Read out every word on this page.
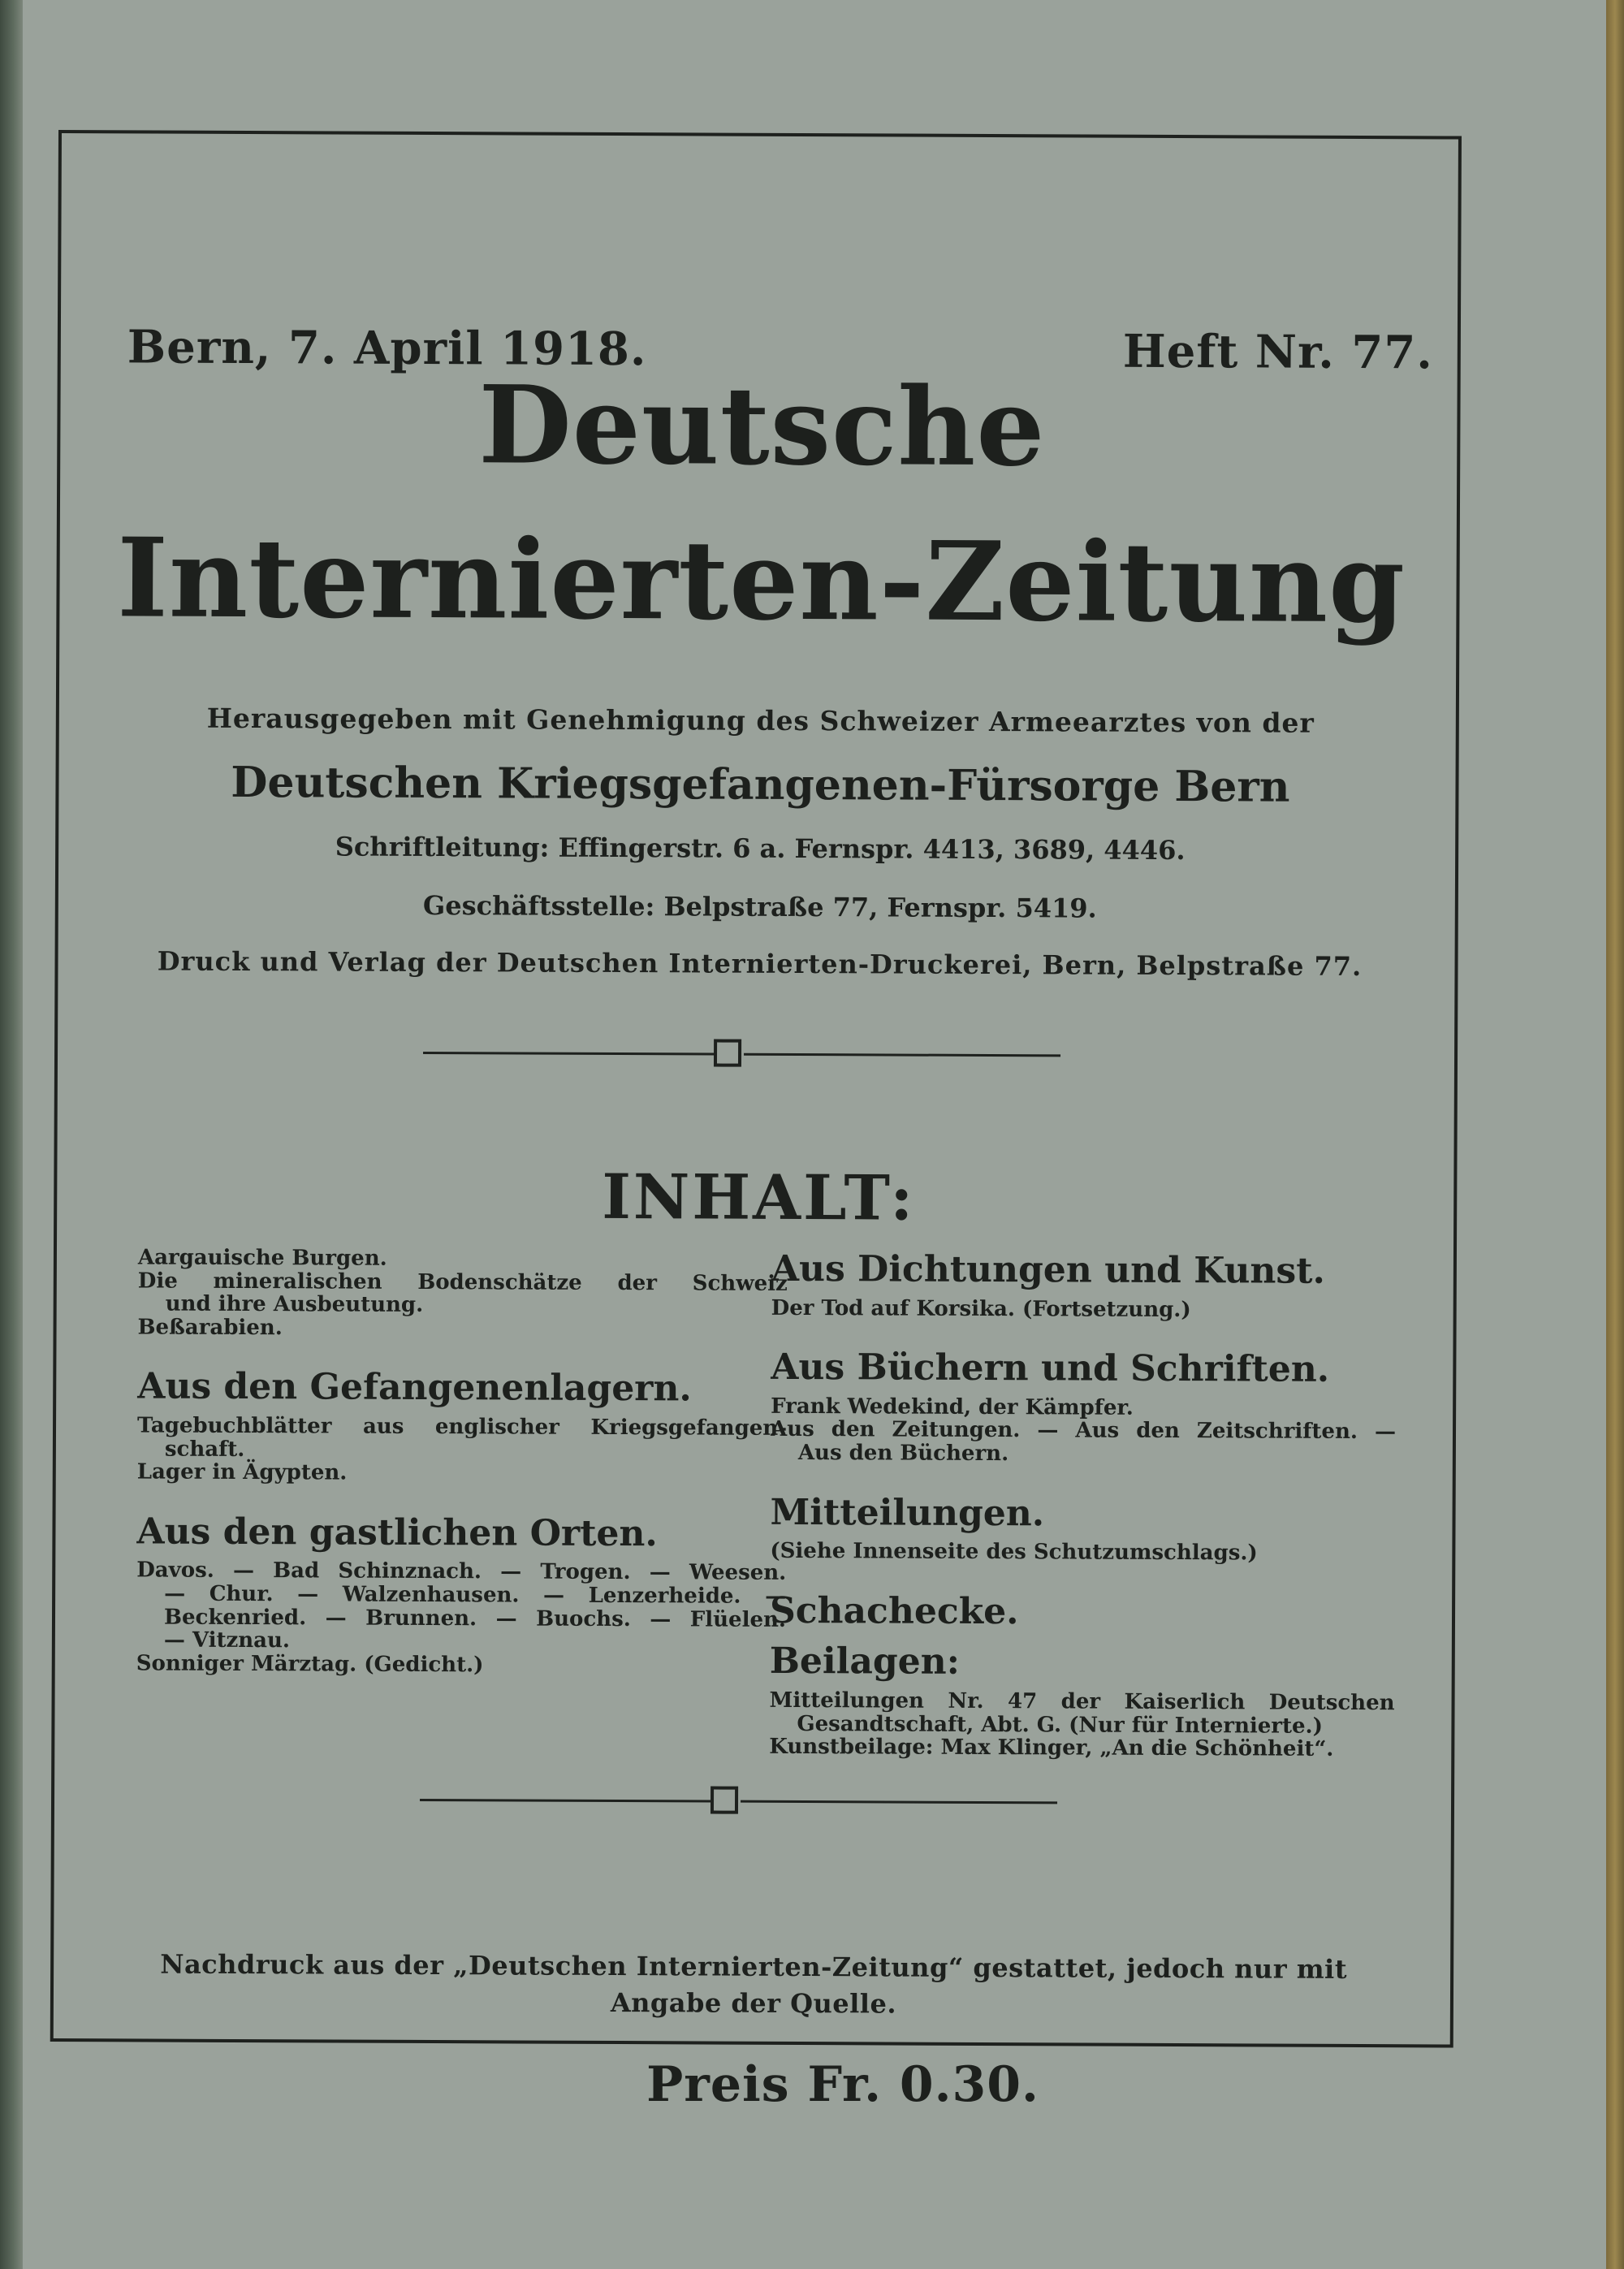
Bern, 7. April 1918.	Heft Nr. 77.
Deutsche
Internierten-Zeitung
Herausgegeben mit Genehmigung des Schweizer Armeearztes von der
Deutschen Kriegsgefangenen-Fürsorge Bern
Schriftleitung: Effingerstr. 6 a. Fernspr. 4413, 3689, 4446.
Geschäftsstelle: Belpstraße 77, Fernspr. 5419.
Druck und Verlag der Deutschen Internierten-Druckerei, Bern, Belpstraße 77.
INHALT:
Aargauische Burgen.
Die mineralischen Bodenschätze der Schweiz
und ihre Ausbeutung.
Beßarabien.
Aus den Gefangenenlagern.
Tagebuchblätter aus englischer Kriegsgefangen-
schaft.
Lager in Ägypten.
Aus den gastlichen Orten.
Davos. — Bad Schinznach. — Trogen. — Weesen.
— Chur. — Walzenhausen. — Lenzerheide. —
Beckenried. — Brunnen. — Buochs. — Flüelen.
— Vitznau.
Sonniger Märztag. (Gedicht.)
Aus Dichtungen und Kunst.
Der Tod auf Korsika. (Fortsetzung.)
Aus Büchern und Schriften.
Frank Wedekind, der Kämpfer.
Aus den Zeitungen. — Aus den Zeitschriften. —
Aus den Büchern.
Mitteilungen.
(Siehe Innenseite des Schutzumschlags.)
Schachecke.
Beilagen:
Mitteilungen Nr. 47 der Kaiserlich Deutschen
Gesandtschaft, Abt. G. (Nur für Internierte.)
Kunstbeilage: Max Klinger, „An die Schönheit“.
Nachdruck aus der „Deutschen Internierten-Zeitung“ gestattet, jedoch nur mit
Angabe der Quelle.
Preis Fr. 0.30.
